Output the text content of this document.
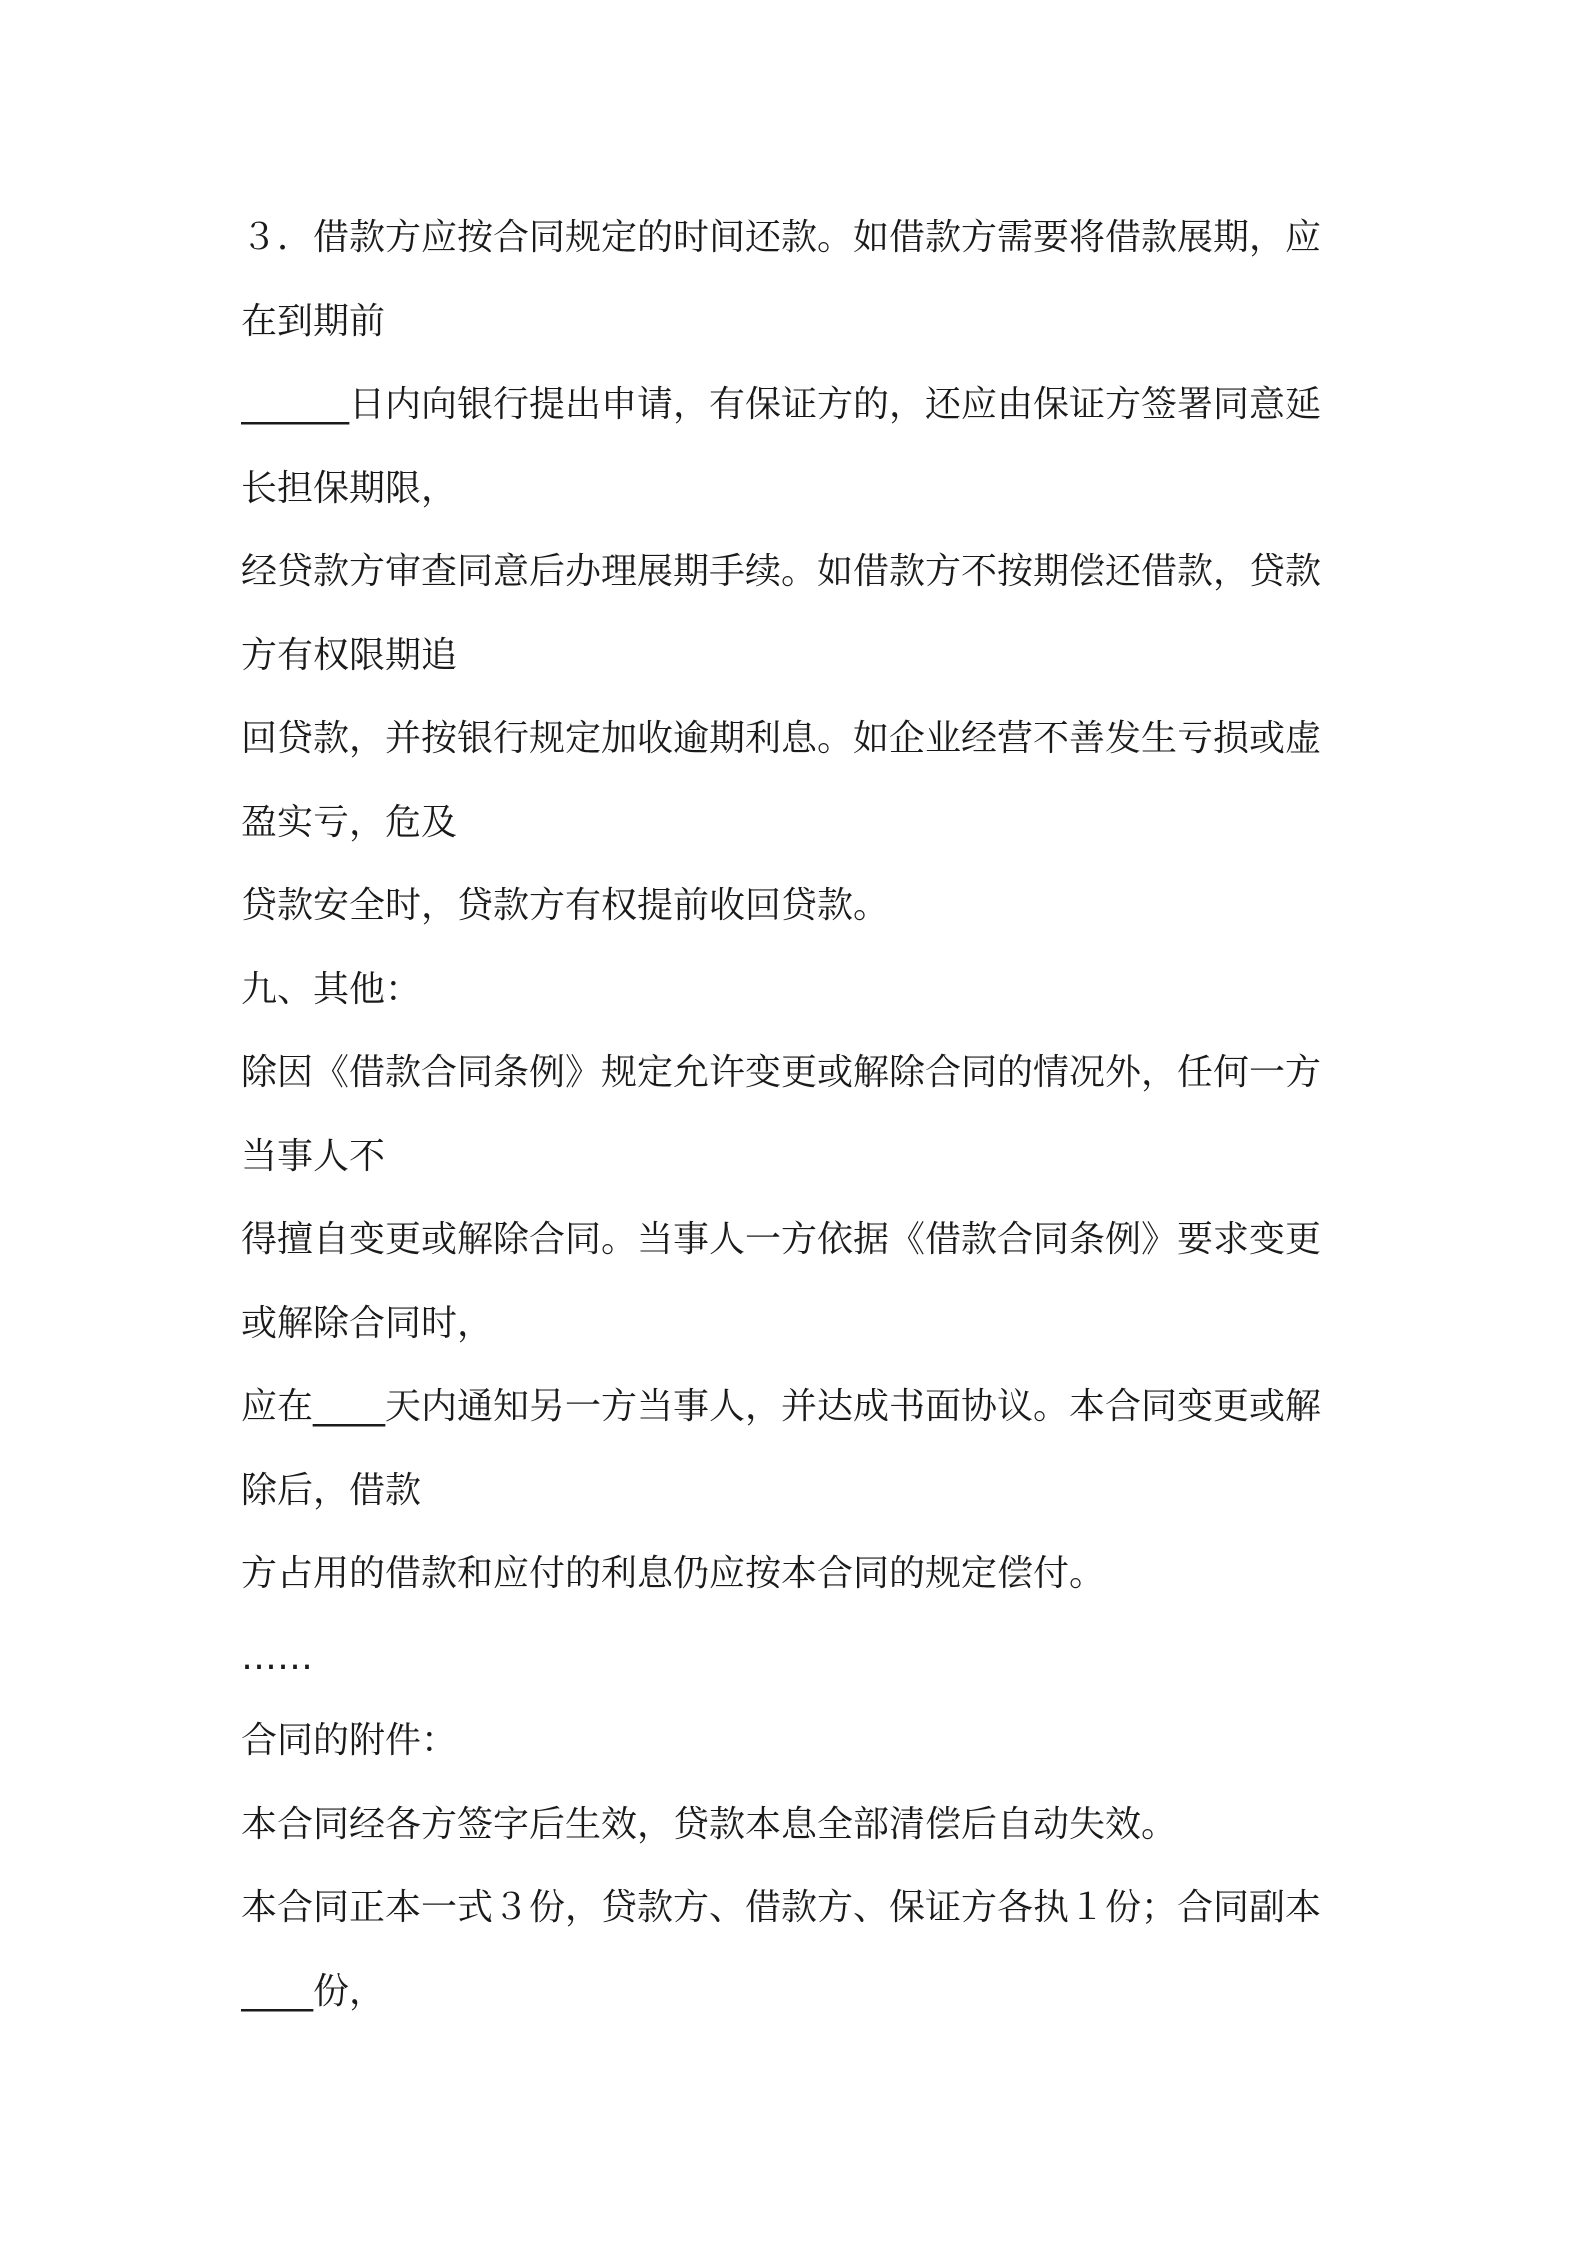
３．借款方应按合同规定的时间还款。如借款方需要将借款展期，应
在到期前
______日内向银行提出申请，有保证方的，还应由保证方签署同意延
长担保期限，
经贷款方审查同意后办理展期手续。如借款方不按期偿还借款，贷款
方有权限期追
回贷款，并按银行规定加收逾期利息。如企业经营不善发生亏损或虚
盈实亏，危及
贷款安全时，贷款方有权提前收回贷款。
九、其他：
除因《借款合同条例》规定允许变更或解除合同的情况外，任何一方
当事人不
得擅自变更或解除合同。当事人一方依据《借款合同条例》要求变更
或解除合同时，
应在____天内通知另一方当事人，并达成书面协议。本合同变更或解
除后，借款
方占用的借款和应付的利息仍应按本合同的规定偿付。
……
合同的附件：
本合同经各方签字后生效，贷款本息全部清偿后自动失效。
本合同正本一式３份，贷款方、借款方、保证方各执１份；合同副本
____份，
